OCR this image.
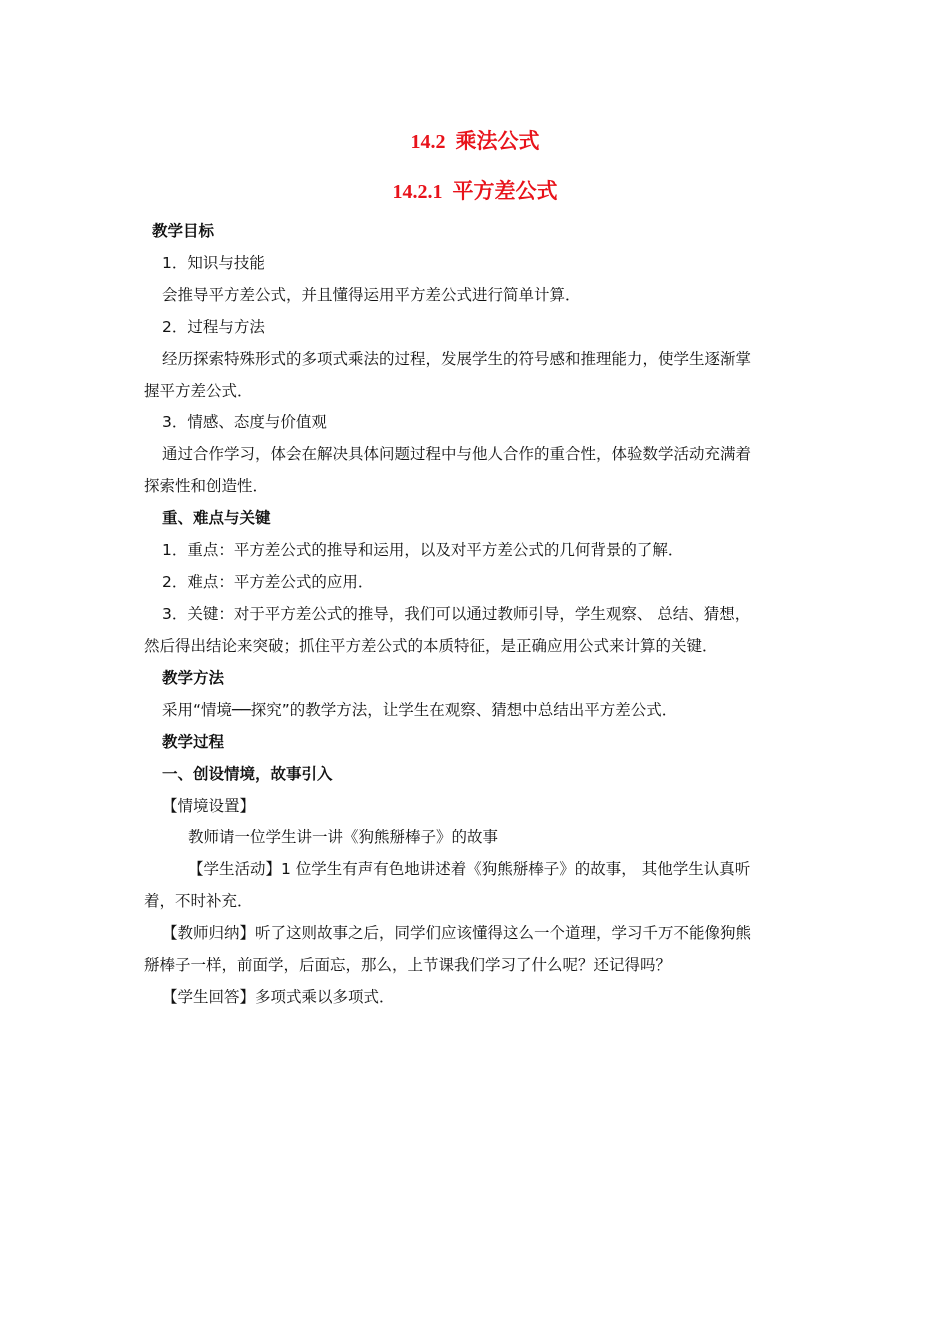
14.2 乘法公式
14.2.1 平方差公式
教学目标
1．知识与技能
会推导平方差公式，并且懂得运用平方差公式进行简单计算．
2．过程与方法
经历探索特殊形式的多项式乘法的过程，发展学生的符号感和推理能力，使学生逐渐掌
握平方差公式．
3．情感、态度与价值观
通过合作学习，体会在解决具体问题过程中与他人合作的重合性，体验数学活动充满着
探索性和创造性．
重、难点与关键
1．重点：平方差公式的推导和运用，以及对平方差公式的几何背景的了解．
2．难点：平方差公式的应用．
3．关键：对于平方差公式的推导，我们可以通过教师引导，学生观察、 总结、猜想，
然后得出结论来突破；抓住平方差公式的本质特征，是正确应用公式来计算的关键．
教学方法
采用“情境──探究”的教学方法，让学生在观察、猜想中总结出平方差公式．
教学过程
一、创设情境，故事引入
【情境设置】
教师请一位学生讲一讲《狗熊掰棒子》的故事
【学生活动】1 位学生有声有色地讲述着《狗熊掰棒子》的故事， 其他学生认真听
着，不时补充．
【教师归纳】听了这则故事之后，同学们应该懂得这么一个道理，学习千万不能像狗熊
掰棒子一样，前面学，后面忘，那么，上节课我们学习了什么呢？还记得吗？
【学生回答】多项式乘以多项式．
